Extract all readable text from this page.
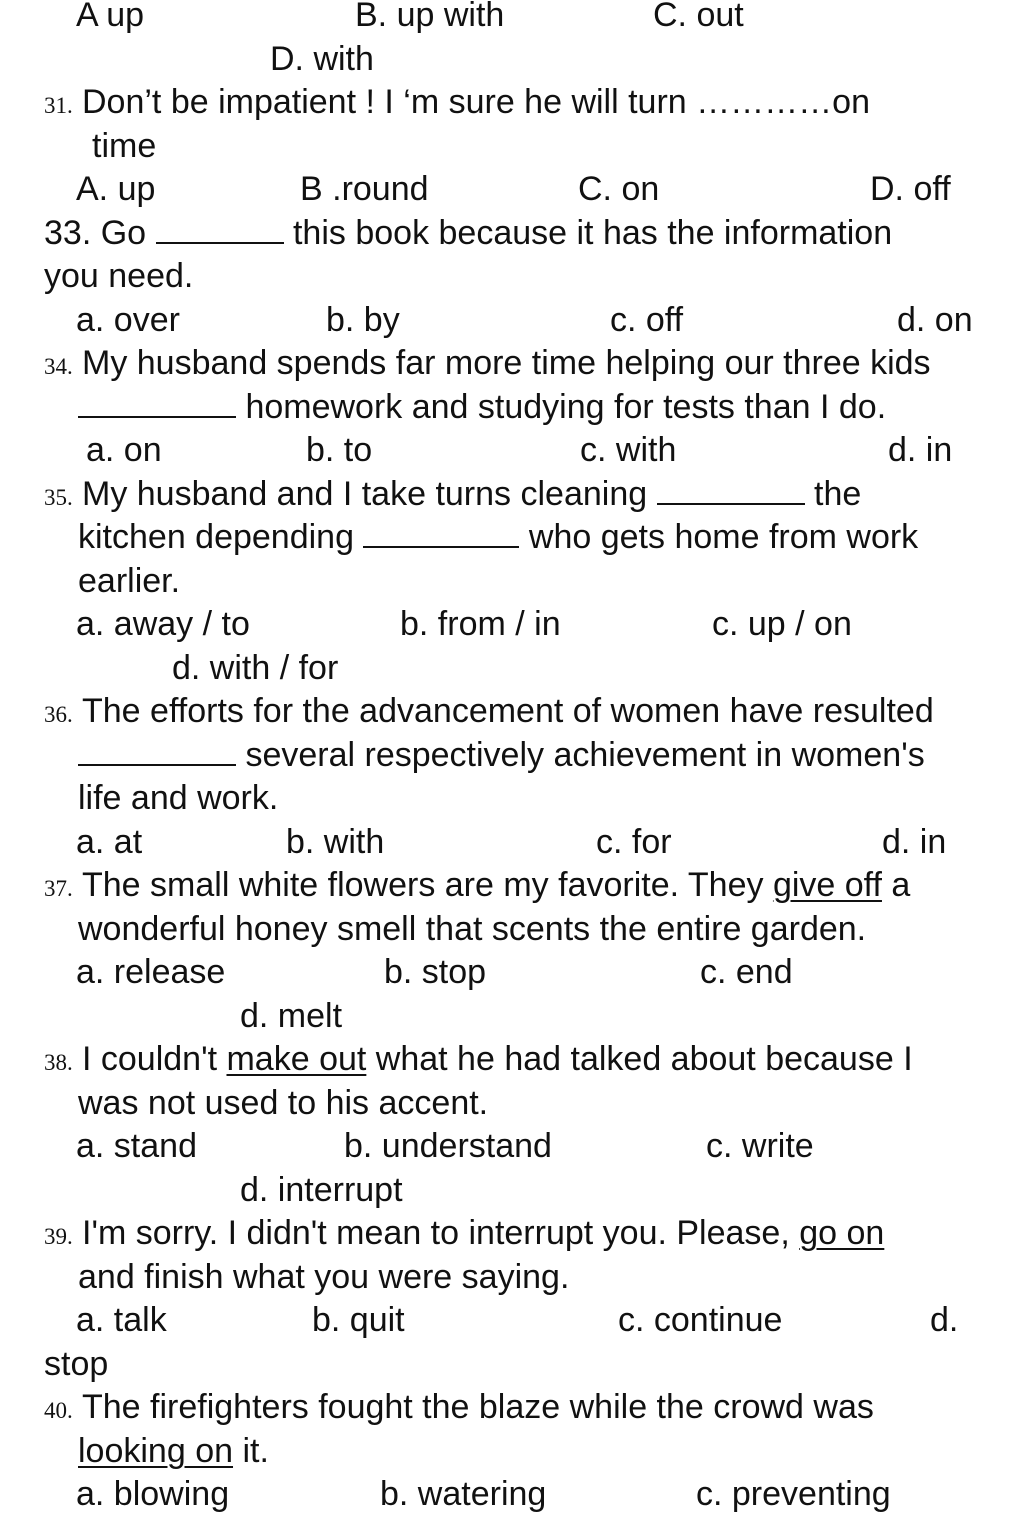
A up	B. up with	C. out
D. with
31. Don’t be impatient ! I ‘m sure he will turn …………on
time
A. up	B .round	C. on	D. off
33. Go	this book because it has the information
you need.
a. over	b. by	c. off	d. on
34. My husband spends far more time helping our three kids
homework and studying for tests than I do.
a. on	b. to	c. with	d. in
35. My husband and I take turns cleaning	the
kitchen depending	who gets home from work
earlier.
a. away / to	b. from / in	c. up / on
d. with / for
36. The efforts for the advancement of women have resulted
several respectively achievement in women's
life and work.
a. at	b. with	c. for	d. in
37. The small white flowers are my favorite. They give off a
wonderful honey smell that scents the entire garden.
a. release	b. stop	c. end
d. melt
38. I couldn't make out what he had talked about because I
was not used to his accent.
a. stand	b. understand	c. write
d. interrupt
39. I'm sorry. I didn't mean to interrupt you. Please, go on
and finish what you were saying.
a. talk	b. quit	c. continue	d.
stop
40. The firefighters fought the blaze while the crowd was
looking on it.
a. blowing	b. watering	c. preventing
